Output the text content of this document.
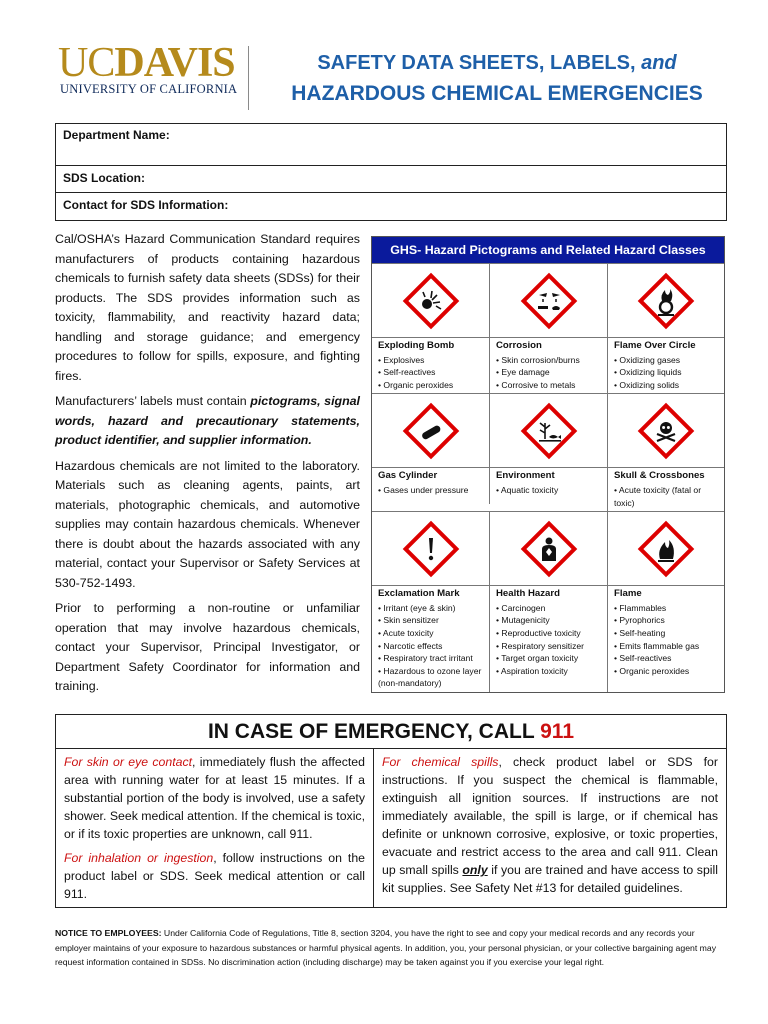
UCDAVIS
UNIVERSITY OF CALIFORNIA
SAFETY DATA SHEETS, LABELS, and
HAZARDOUS CHEMICAL EMERGENCIES
Department Name:
SDS Location:
Contact for SDS Information:

Cal/OSHA’s Hazard Communication Standard requires manufacturers of products containing hazardous chemicals to furnish safety data sheets (SDSs) for their products. The SDS provides information such as toxicity, flammability, and reactivity hazard data; handling and storage guidance; and emergency procedures to follow for spills, exposure, and fighting fires.

Manufacturers’ labels must contain pictograms, signal words, hazard and precautionary statements, product identifier, and supplier information.

Hazardous chemicals are not limited to the laboratory. Materials such as cleaning agents, paints, art materials, photographic chemicals, and automotive supplies may contain hazardous chemicals. Whenever there is doubt about the hazards associated with any material, contact your Supervisor or Safety Services at 530-752-1493.

Prior to performing a non-routine or unfamiliar operation that may involve hazardous chemicals, contact your Supervisor, Principal Investigator, or Department Safety Coordinator for information and training.

GHS- Hazard Pictograms and Related Hazard Classes
Exploding Bomb
• Explosives
• Self-reactives
• Organic peroxides
Corrosion
• Skin corrosion/burns
• Eye damage
• Corrosive to metals
Flame Over Circle
• Oxidizing gases
• Oxidizing liquids
• Oxidizing solids
Gas Cylinder
• Gases under pressure
Environment
• Aquatic toxicity
Skull & Crossbones
• Acute toxicity (fatal or toxic)
Exclamation Mark
• Irritant (eye & skin)
• Skin sensitizer
• Acute toxicity
• Narcotic effects
• Respiratory tract irritant
• Hazardous to ozone layer (non-mandatory)
Health Hazard
• Carcinogen
• Mutagenicity
• Reproductive toxicity
• Respiratory sensitizer
• Target organ toxicity
• Aspiration toxicity
Flame
• Flammables
• Pyrophorics
• Self-heating
• Emits flammable gas
• Self-reactives
• Organic peroxides
IN CASE OF EMERGENCY, CALL 911

For skin or eye contact, immediately flush the affected area with running water for at least 15 minutes. If a substantial portion of the body is involved, use a safety shower. Seek medical attention. If the chemical is toxic, or if its toxic properties are unknown, call 911.

For inhalation or ingestion, follow instructions on the product label or SDS. Seek medical attention or call 911.

For chemical spills, check product label or SDS for instructions. If you suspect the chemical is flammable, extinguish all ignition sources. If instructions are not immediately available, the spill is large, or if chemical has definite or unknown corrosive, explosive, or toxic properties, evacuate and restrict access to the area and call 911. Clean up small spills only if you are trained and have access to spill kit supplies. See Safety Net #13 for detailed guidelines.

NOTICE TO EMPLOYEES: Under California Code of Regulations, Title 8, section 3204, you have the right to see and copy your medical records and any records your employer maintains of your exposure to hazardous substances or harmful physical agents. In addition, you, your personal physician, or your collective bargaining agent may request information contained in SDSs. No discrimination action (including discharge) may be taken against you if you exercise your legal right.
